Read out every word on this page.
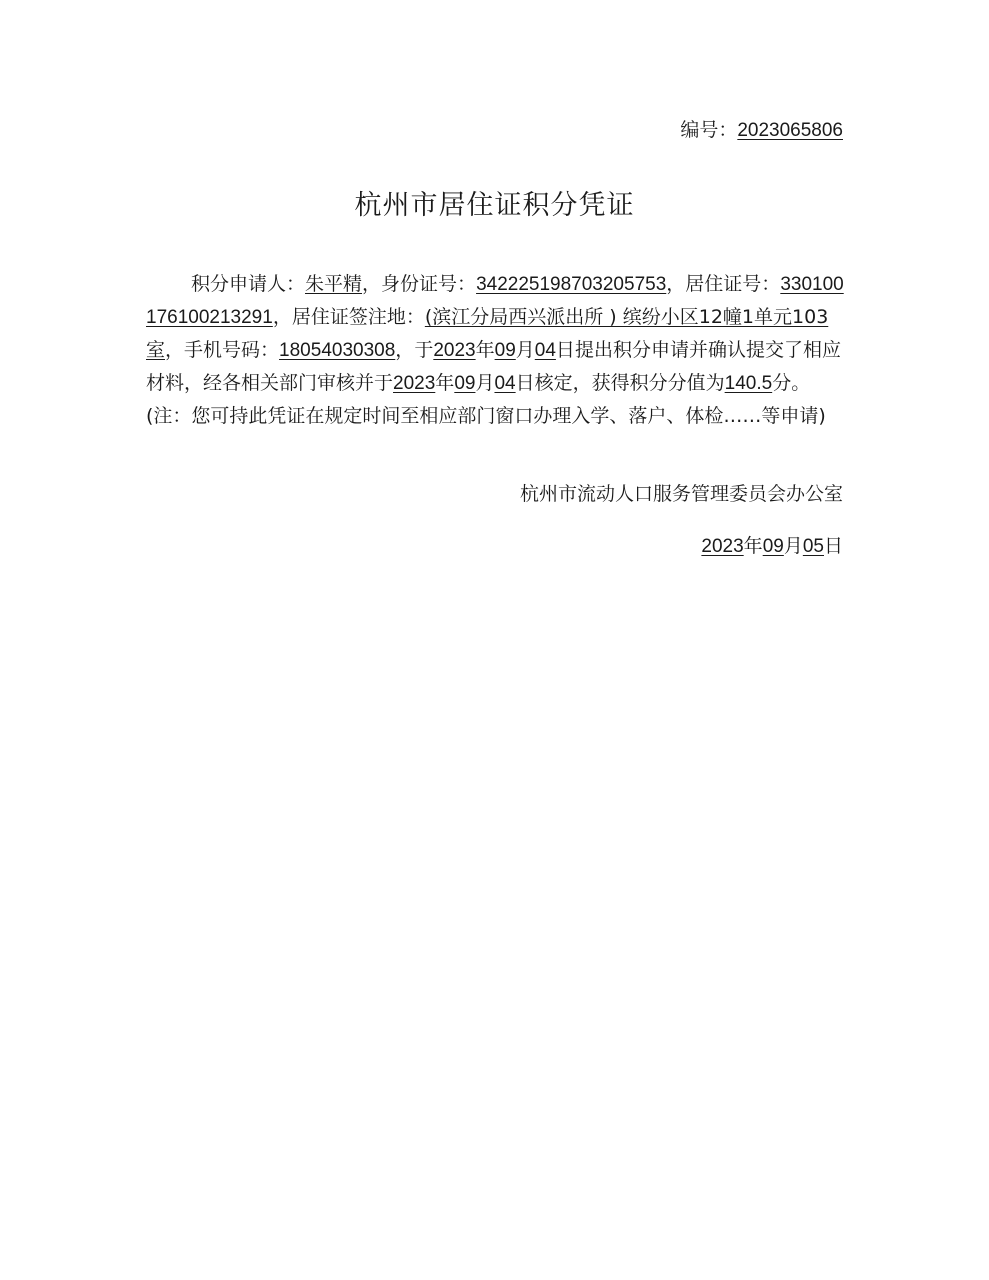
编号：2023065806
杭州市居住证积分凭证
积分申请人：朱平精，身份证号：342225198703205753，居住证号：330100176100213291，居住证签注地：(滨江分局西兴派出所 ) 缤纷小区12幢1单元103室，手机号码：18054030308，于2023年09月04日提出积分申请并确认提交了相应材料，经各相关部门审核并于2023年09月04日核定，获得积分分值为140.5分。(注：您可持此凭证在规定时间至相应部门窗口办理入学、落户、体检……等申请)
杭州市流动人口服务管理委员会办公室
2023年09月05日
